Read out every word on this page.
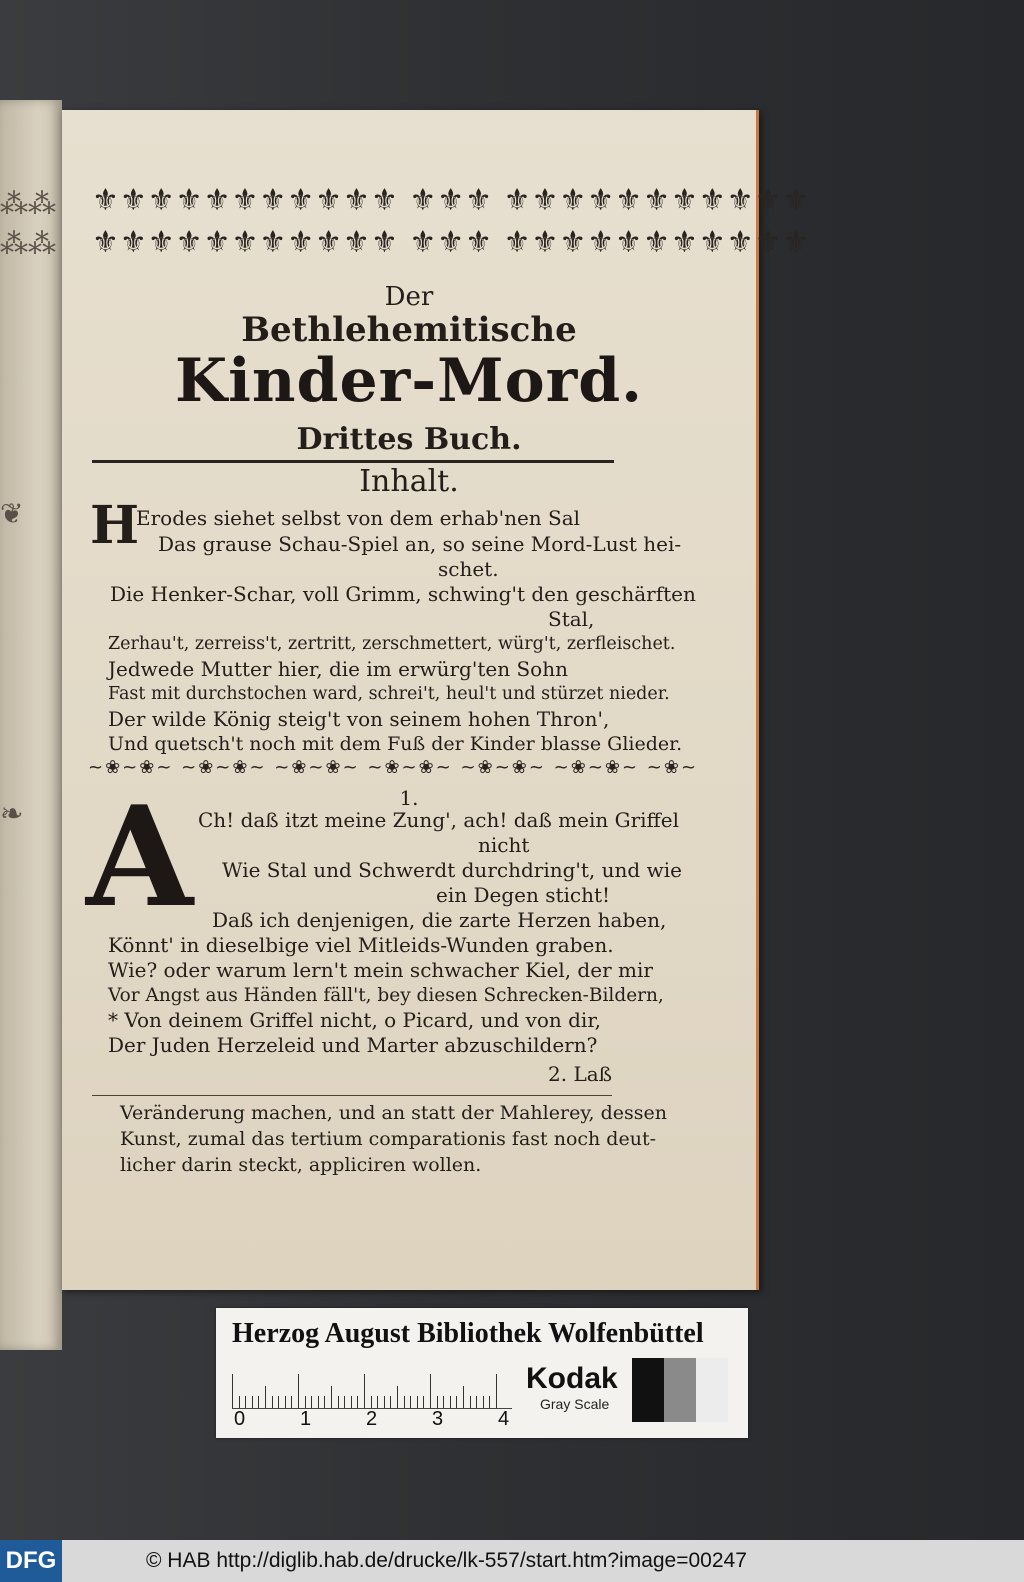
⁂⁂
⁂⁂
❦
❧
Der
Bethlehemitische
Kinder-Mord.
Drittes Buch.
Inhalt.
1.
⚜⚜⚜⚜⚜⚜⚜⚜⚜⚜⚜ ⚜⚜⚜ ⚜⚜⚜⚜⚜⚜⚜⚜⚜⚜⚜
⚜⚜⚜⚜⚜⚜⚜⚜⚜⚜⚜ ⚜⚜⚜ ⚜⚜⚜⚜⚜⚜⚜⚜⚜⚜⚜
H
Erodes siehet selbst von dem erhab'nen Sal
Das grause Schau-Spiel an, so seine Mord-Lust hei-
schet.
Die Henker-Schar, voll Grimm, schwing't den geschärften
Stal,
Zerhau't, zerreiss't, zertritt, zerschmettert, würg't, zerfleischet.
Jedwede Mutter hier, die im erwürg'ten Sohn
Fast mit durchstochen ward, schrei't, heul't und stürzet nieder.
Der wilde König steig't von seinem hohen Thron',
Und quetsch't noch mit dem Fuß der Kinder blasse Glieder.
~❀~❀~ ~❀~❀~ ~❀~❀~ ~❀~❀~ ~❀~❀~ ~❀~❀~ ~❀~
A Ch! daß itzt meine Zung', ach! daß mein Griffel
nicht
Wie Stal und Schwerdt durchdring't, und wie
ein Degen sticht!
Daß ich denjenigen, die zarte Herzen haben,
Könnt' in dieselbige viel Mitleids-Wunden graben.
Wie? oder warum lern't mein schwacher Kiel, der mir
Vor Angst aus Händen fäll't, bey diesen Schrecken-Bildern,
* Von deinem Griffel nicht, o Picard, und von dir,
Der Juden Herzeleid und Marter abzuschildern?
2. Laß
Veränderung machen, und an statt der Mahlerey, dessen
Kunst, zumal das tertium comparationis fast noch deut-
licher darin steckt, appliciren wollen.
Herzog August Bibliothek Wolfenbüttel
0	1	2	3	4
Kodak
Gray Scale
DFG	© HAB http://diglib.hab.de/drucke/lk-557/start.htm?image=00247
